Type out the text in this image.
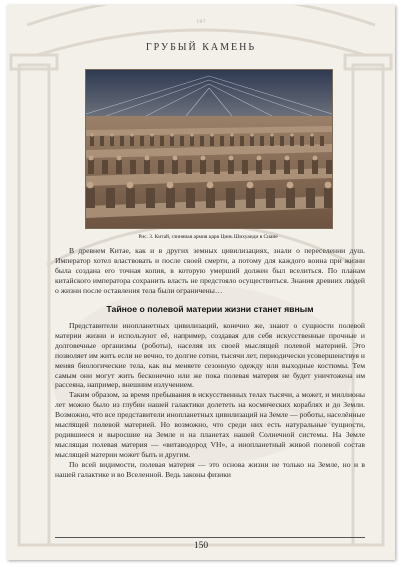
197
ГРУБЫЙ КАМЕНЬ
Рис. 3. Китай, глиняная армия царя Цинь Шихуанди в Сиане

В древнем Китае, как и в других земных цивилизациях, знали о переселении душ. Император хотел властвовать и после своей смерти, а потому для каждого воина при жизни была создана его точная копия, в которую умерший должен был вселиться. По планам китайского императора сохранить власть не предстояло осуществиться. Знания древних людей о жизни после оставления тела были ограничены…

Тайное о полевой материи жизни станет явным

Представители инопланетных цивилизаций, конечно же, знают о сущности полевой материи жизни и используют её, например, создавая для себя искусственные прочные и долговечные организмы (роботы), населяя их своей мыслящей полевой материей. Это позволяет им жить если не вечно, то долгие сотни, тысячи лет, периодически усовершенствуя и меняя биологические тела, как вы меняете сезонную одежду или выходные костюмы. Тем самым они могут жить бесконечно или же пока полевая материя не будет уничтожена им рассеяна, например, внешним излучением.

Таким образом, за время пребывания в искусственных телах тысячи, а может, и миллионы лет можно было из глубин нашей галактики долететь на космических кораблях и до Земли. Возможно, что все представители инопланетных цивилизаций на Земле — роботы, населённые мыслящей полевой материей. Но возможно, что среди них есть натуральные сущности, родившиеся и выросшие на Земле и на планетах нашей Солнечной системы. На Земле мыслящая полевая материя — «витаводород VH», а инопланетный живой полевой состав мыслящей материи может быть и другим.

По всей видимости, полевая материя — это основа жизни не только на Земле, но и в нашей галактике и во Вселенной. Ведь законы физики

150
